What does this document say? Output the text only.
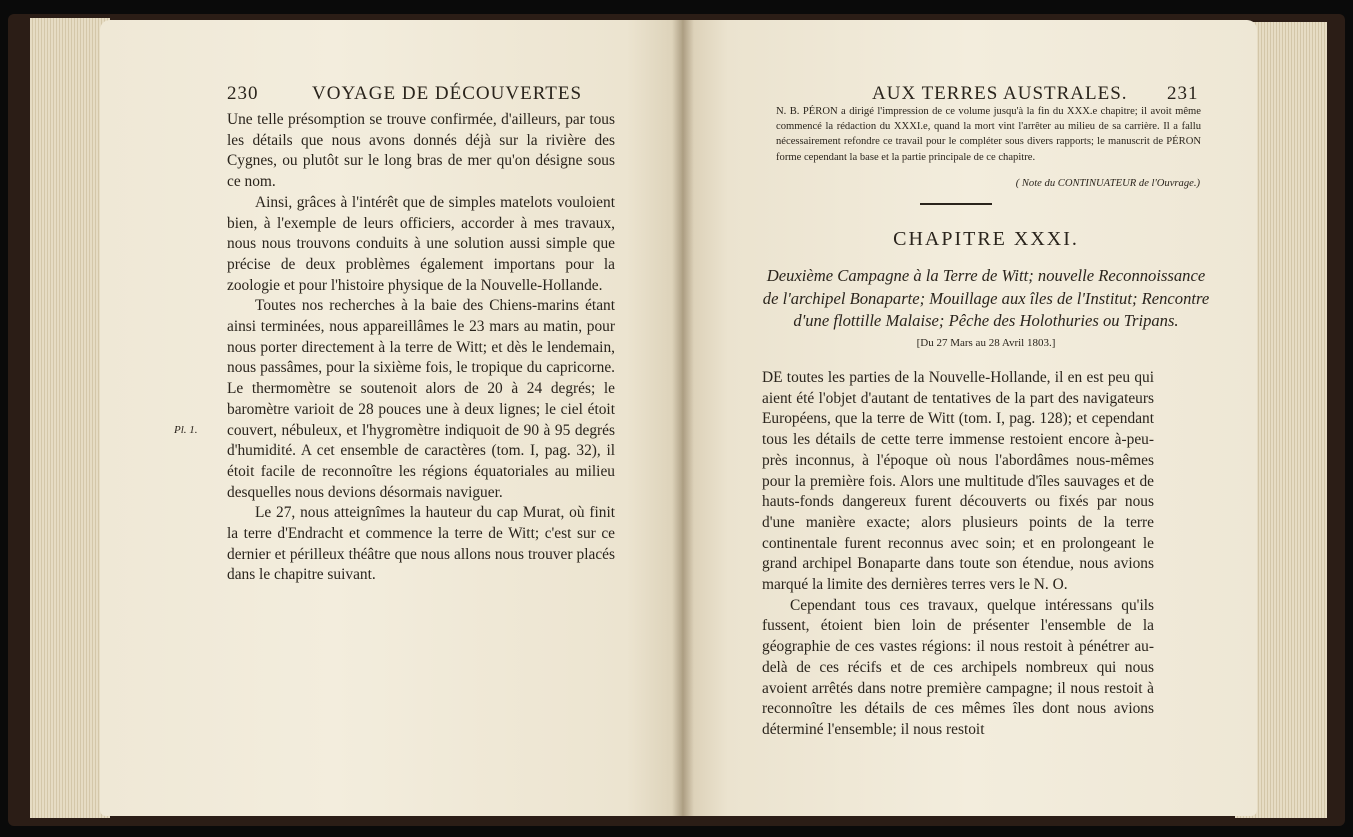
230	VOYAGE DE DÉCOUVERTES

Une telle présomption se trouve confirmée, d'ailleurs, par tous les détails que nous avons donnés déjà sur la rivière des Cygnes, ou plutôt sur le long bras de mer qu'on désigne sous ce nom.

Ainsi, grâces à l'intérêt que de simples matelots vouloient bien, à l'exemple de leurs officiers, accorder à mes travaux, nous nous trouvons conduits à une solution aussi simple que précise de deux problèmes également importans pour la zoologie et pour l'histoire physique de la Nouvelle-Hollande.

Toutes nos recherches à la baie des Chiens-marins étant ainsi terminées, nous appareillâmes le 23 mars au matin, pour nous porter directement à la terre de Witt; et dès le lendemain, nous passâmes, pour la sixième fois, le tropique du capricorne. Le thermomètre se soutenoit alors de 20 à 24 degrés; le baromètre varioit de 28 pouces une à deux lignes; le ciel étoit couvert, nébuleux, et l'hygromètre indiquoit de 90 à 95 degrés d'humidité. A cet ensemble de caractères (tom. I, pag. 32), il étoit facile de reconnoître les régions équatoriales au milieu desquelles nous devions désormais naviguer.

Le 27, nous atteignîmes la hauteur du cap Murat, où finit la terre d'Endracht et commence la terre de Witt; c'est sur ce dernier et périlleux théâtre que nous allons nous trouver placés dans le chapitre suivant.

Pl. 1.
AUX TERRES AUSTRALES. 231

N. B. PÉRON a dirigé l'impression de ce volume jusqu'à la fin du XXX.e chapitre; il avoit même commencé la rédaction du XXXI.e, quand la mort vint l'arrêter au milieu de sa carrière. Il a fallu nécessairement refondre ce travail pour le compléter sous divers rapports; le manuscrit de PÉRON forme cependant la base et la partie principale de ce chapitre.

( Note du CONTINUATEUR de l'Ouvrage.)

CHAPITRE XXXI.

Deuxième Campagne à la Terre de Witt; nouvelle Reconnoissance de l'archipel Bonaparte; Mouillage aux îles de l'Institut; Rencontre d'une flottille Malaise; Pêche des Holothuries ou Tripans.

[Du 27 Mars au 28 Avril 1803.]

DE toutes les parties de la Nouvelle-Hollande, il en est peu qui aient été l'objet d'autant de tentatives de la part des navigateurs Européens, que la terre de Witt (tom. I, pag. 128); et cependant tous les détails de cette terre immense restoient encore à-peu-près inconnus, à l'époque où nous l'abordâmes nous-mêmes pour la première fois. Alors une multitude d'îles sauvages et de hauts-fonds dangereux furent découverts ou fixés par nous d'une manière exacte; alors plusieurs points de la terre continentale furent reconnus avec soin; et en prolongeant le grand archipel Bonaparte dans toute son étendue, nous avions marqué la limite des dernières terres vers le N. O.

Cependant tous ces travaux, quelque intéressans qu'ils fussent, étoient bien loin de présenter l'ensemble de la géographie de ces vastes régions: il nous restoit à pénétrer au-delà de ces récifs et de ces archipels nombreux qui nous avoient arrêtés dans notre première campagne; il nous restoit à reconnoître les détails de ces mêmes îles dont nous avions déterminé l'ensemble; il nous restoit
